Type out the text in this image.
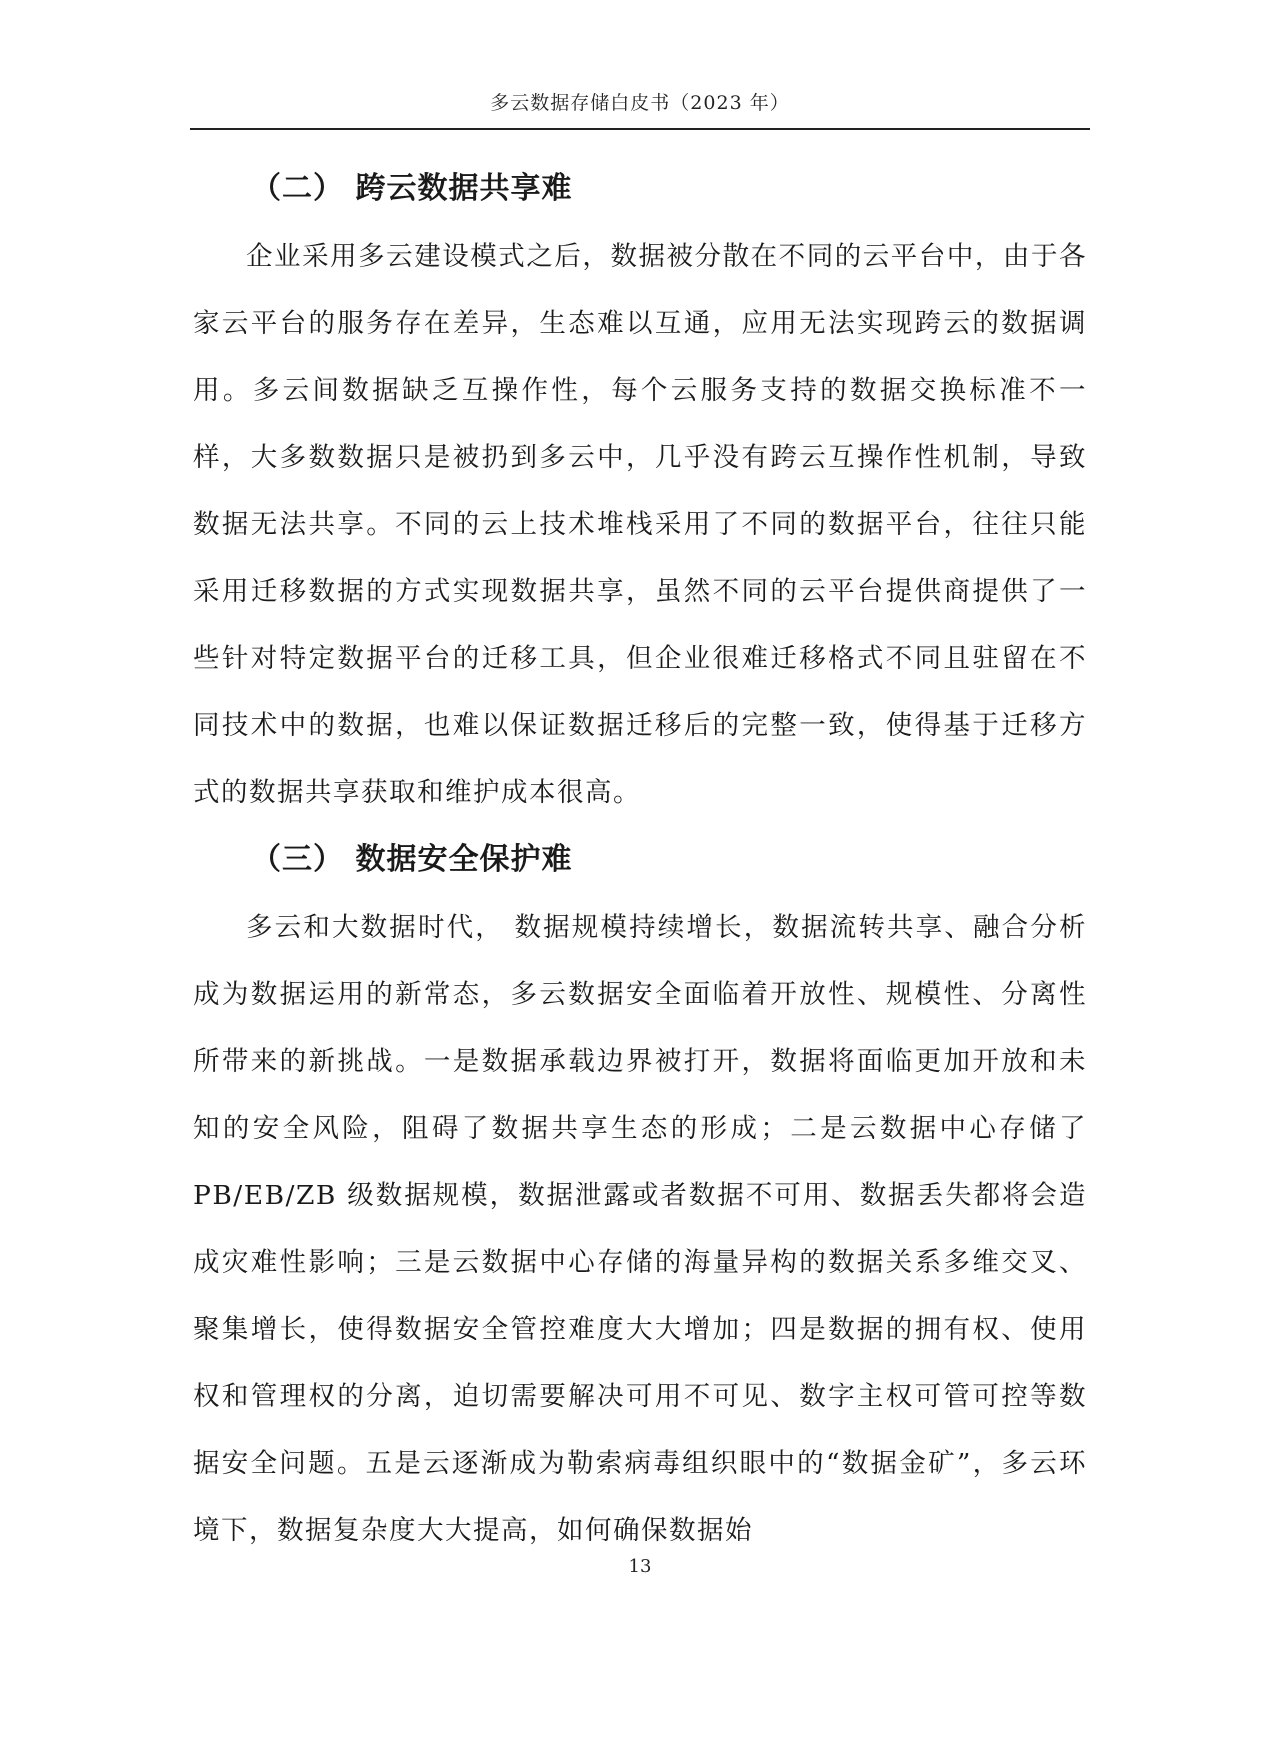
多云数据存储白皮书（2023 年）
（二） 跨云数据共享难

企业采用多云建设模式之后，数据被分散在不同的云平台中，由于各家云平台的服务存在差异，生态难以互通，应用无法实现跨云的数据调用。多云间数据缺乏互操作性，每个云服务支持的数据交换标准不一样，大多数数据只是被扔到多云中，几乎没有跨云互操作性机制，导致数据无法共享。不同的云上技术堆栈采用了不同的数据平台，往往只能采用迁移数据的方式实现数据共享，虽然不同的云平台提供商提供了一些针对特定数据平台的迁移工具，但企业很难迁移格式不同且驻留在不同技术中的数据，也难以保证数据迁移后的完整一致，使得基于迁移方式的数据共享获取和维护成本很高。

（三） 数据安全保护难

多云和大数据时代， 数据规模持续增长，数据流转共享、融合分析成为数据运用的新常态，多云数据安全面临着开放性、规模性、分离性所带来的新挑战。一是数据承载边界被打开，数据将面临更加开放和未知的安全风险，阻碍了数据共享生态的形成；二是云数据中心存储了 PB/EB/ZB 级数据规模，数据泄露或者数据不可用、数据丢失都将会造成灾难性影响；三是云数据中心存储的海量异构的数据关系多维交叉、聚集增长，使得数据安全管控难度大大增加；四是数据的拥有权、使用权和管理权的分离，迫切需要解决可用不可见、数字主权可管可控等数据安全问题。五是云逐渐成为勒索病毒组织眼中的“数据金矿”，多云环境下，数据复杂度大大提高，如何确保数据始

13
